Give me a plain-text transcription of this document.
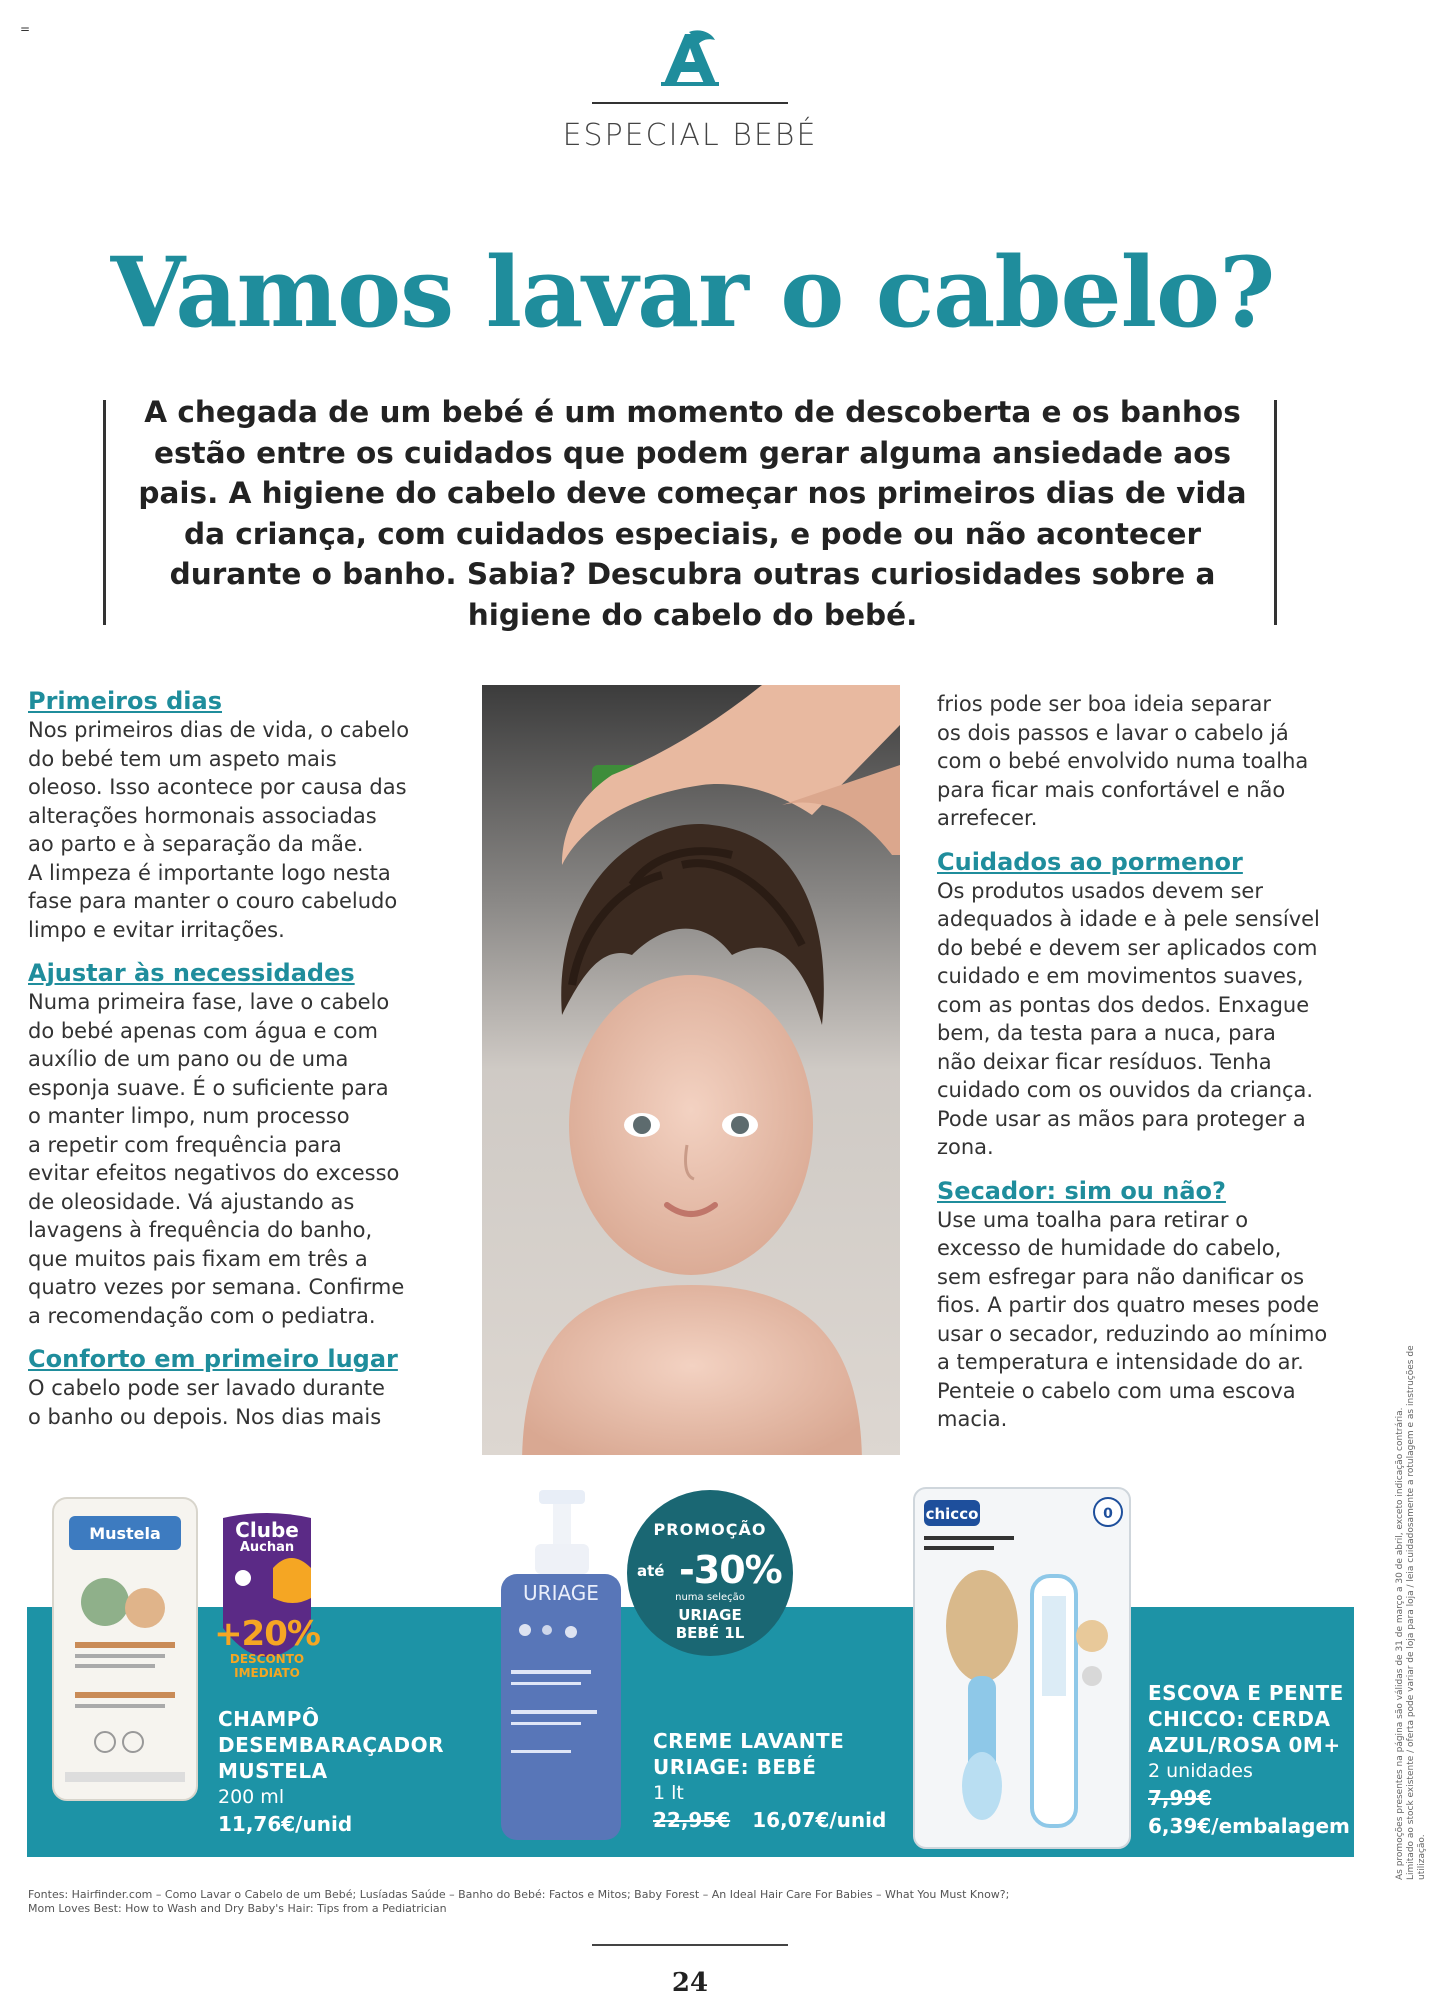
=
ESPECIAL BEBÉ
Vamos lavar o cabelo?

A chegada de um bebé é um momento de descoberta e os banhos estão entre os cuidados que podem gerar alguma ansiedade aos pais. A higiene do cabelo deve começar nos primeiros dias de vida da criança, com cuidados especiais, e pode ou não acontecer durante o banho. Sabia? Descubra outras curiosidades sobre a higiene do cabelo do bebé.

Primeiros dias

Nos primeiros dias de vida, o cabelo
do bebé tem um aspeto mais
oleoso. Isso acontece por causa das
alterações hormonais associadas
ao parto e à separação da mãe.
A limpeza é importante logo nesta
fase para manter o couro cabeludo
limpo e evitar irritações.

Ajustar às necessidades

Numa primeira fase, lave o cabelo
do bebé apenas com água e com
auxílio de um pano ou de uma
esponja suave. É o suficiente para
o manter limpo, num processo
a repetir com frequência para
evitar efeitos negativos do excesso
de oleosidade. Vá ajustando as
lavagens à frequência do banho,
que muitos pais fixam em três a
quatro vezes por semana. Confirme
a recomendação com o pediatra.

Conforto em primeiro lugar

O cabelo pode ser lavado durante
o banho ou depois. Nos dias mais

frios pode ser boa ideia separar
os dois passos e lavar o cabelo já
com o bebé envolvido numa toalha
para ficar mais confortável e não
arrefecer.

Cuidados ao pormenor

Os produtos usados devem ser
adequados à idade e à pele sensível
do bebé e devem ser aplicados com
cuidado e em movimentos suaves,
com as pontas dos dedos. Enxague
bem, da testa para a nuca, para
não deixar ficar resíduos. Tenha
cuidado com os ouvidos da criança.
Pode usar as mãos para proteger a
zona.

Secador: sim ou não?

Use uma toalha para retirar o
excesso de humidade do cabelo,
sem esfregar para não danificar os
fios. A partir dos quatro meses pode
usar o secador, reduzindo ao mínimo
a temperatura e intensidade do ar.
Penteie o cabelo com uma escova
macia.

Mustela	Clube
Auchan
+20%
DESCONTO
IMEDIATO
CHAMPÔ
DESEMBARAÇADOR
MUSTELA
200 ml
11,76€/unid
URIAGE
PROMOÇÃO
até -30%
numa seleção
URIAGE
BEBÉ 1L
CREME LAVANTE
URIAGE: BEBÉ
1 lt
22,95€ 16,07€/unid
chicco	0
ESCOVA E PENTE
CHICCO: CERDA
AZUL/ROSA 0M+
2 unidades
7,99€
6,39€/embalagem
Fontes: Hairfinder.com – Como Lavar o Cabelo de um Bebé; Lusíadas Saúde – Banho do Bebé: Factos e Mitos; Baby Forest – An Ideal Hair Care For Babies – What You Must Know?;
Mom Loves Best: How to Wash and Dry Baby's Hair: Tips from a Pediatrician
24
As promoções presentes na página são válidas de 31 de março a 30 de abril, exceto indicação contrária.
Limitado ao stock existente / oferta pode variar de loja para loja / leia cuidadosamente a rotulagem e as instruções de utilização.
